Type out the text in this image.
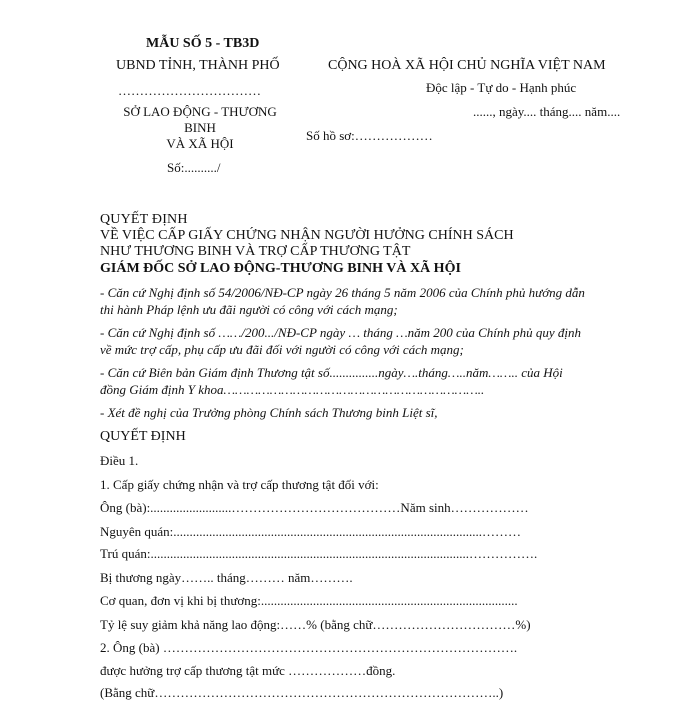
MẪU SỐ 5 - TB3D
UBND TỈNH, THÀNH PHỐ
……………………………
SỞ LAO ĐỘNG - THƯƠNG
BINH
VÀ XÃ HỘI
Số:........../
CỘNG HOÀ XÃ HỘI CHỦ NGHĨA VIỆT NAM
Độc lập - Tự do - Hạnh phúc
......, ngày.... tháng.... năm....
Số hồ sơ:………………
QUYẾT ĐỊNH
VỀ VIỆC CẤP GIẤY CHỨNG NHẬN NGƯỜI HƯỞNG CHÍNH SÁCH
NHƯ THƯƠNG BINH VÀ TRỢ CẤP THƯƠNG TẬT
GIÁM ĐỐC SỞ LAO ĐỘNG-THƯƠNG BINH VÀ XÃ HỘI
- Căn cứ Nghị định số 54/2006/NĐ-CP ngày 26 tháng 5 năm 2006 của Chính phủ hướng dẫn
thi hành Pháp lệnh ưu đãi người có công với cách mạng;
- Căn cứ Nghị định số ……/200.../NĐ-CP ngày … tháng …năm 200 của Chính phủ quy định
về mức trợ cấp, phụ cấp ưu đãi đối với người có công với cách mạng;
- Căn cứ Biên bản Giám định Thương tật số...............ngày….tháng…..năm…….. của Hội
đồng Giám định Y khoa…………………………………………………………..
- Xét đề nghị của Trưởng phòng Chính sách Thương binh Liệt sĩ,
QUYẾT ĐỊNH
Điều 1.
1. Cấp giấy chứng nhận và trợ cấp thương tật đối với:
Ông (bà):.........................…………………………………Năm sinh………………
Nguyên quán:...............................................................................................………
Trú quán:..................................................................................................…………….
Bị thương ngày…….. tháng……… năm……….
Cơ quan, đơn vị khi bị thương:...............................................................................
Tỷ lệ suy giảm khả năng lao động:……% (bằng chữ……………………………%)
2. Ông (bà) ……………………………………………………………………….
được hưởng trợ cấp thương tật mức ………………đồng.
(Bằng chữ……………………………………………………………………..)
